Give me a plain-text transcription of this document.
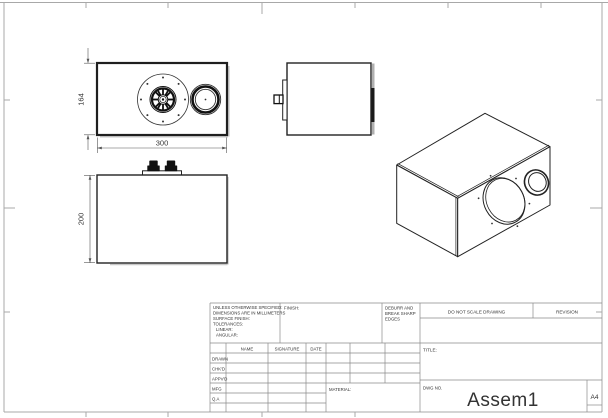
164
300
200
UNLESS OTHERWISE SPECIFIED:
DIMENSIONS ARE IN MILLIMETERS
SURFACE FINISH:
TOLERANCES:
LINEAR:
ANGULAR:
FINISH:	DEBURR AND
BREAK SHARP
EDGES
DO NOT SCALE DRAWING	REVISION
TITLE:
NAME	SIGNATURE	DATE
DRAWN
CHK'D
APPV'D
MFG
Q.A
MATERIAL:	DWG NO.
Assem1	A4
